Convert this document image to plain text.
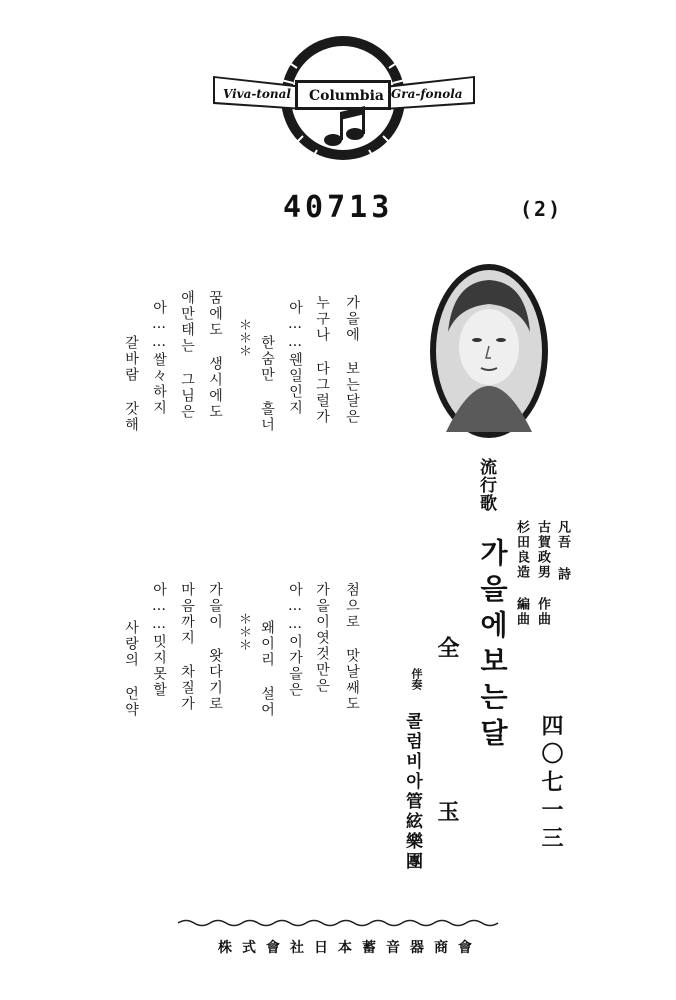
Viva-tonal Columbia Gra-fonola
40713	(2)
가을에 보는달은
누구나 다그럴가
아……웬일인지
한숨만 흘너
＊＊＊
꿈에도 생시에도
애만태는 그님은
아……쌀々하지
갈바람 갓해
첨으로 맛날쌔도
가을이엿것만은
아……이가을은
왜이리 설어
＊＊＊
가을이 왓다기로
마음까지 차질가
아……밋지못할
사랑의 언약
流行歌
가을에보는달
全 玉
凡吾 詩
古賀政男 作曲
杉田良造 編曲
伴奏
콜럼비아管絃樂團	四〇七一三
株式會社日本蓄音器商會
